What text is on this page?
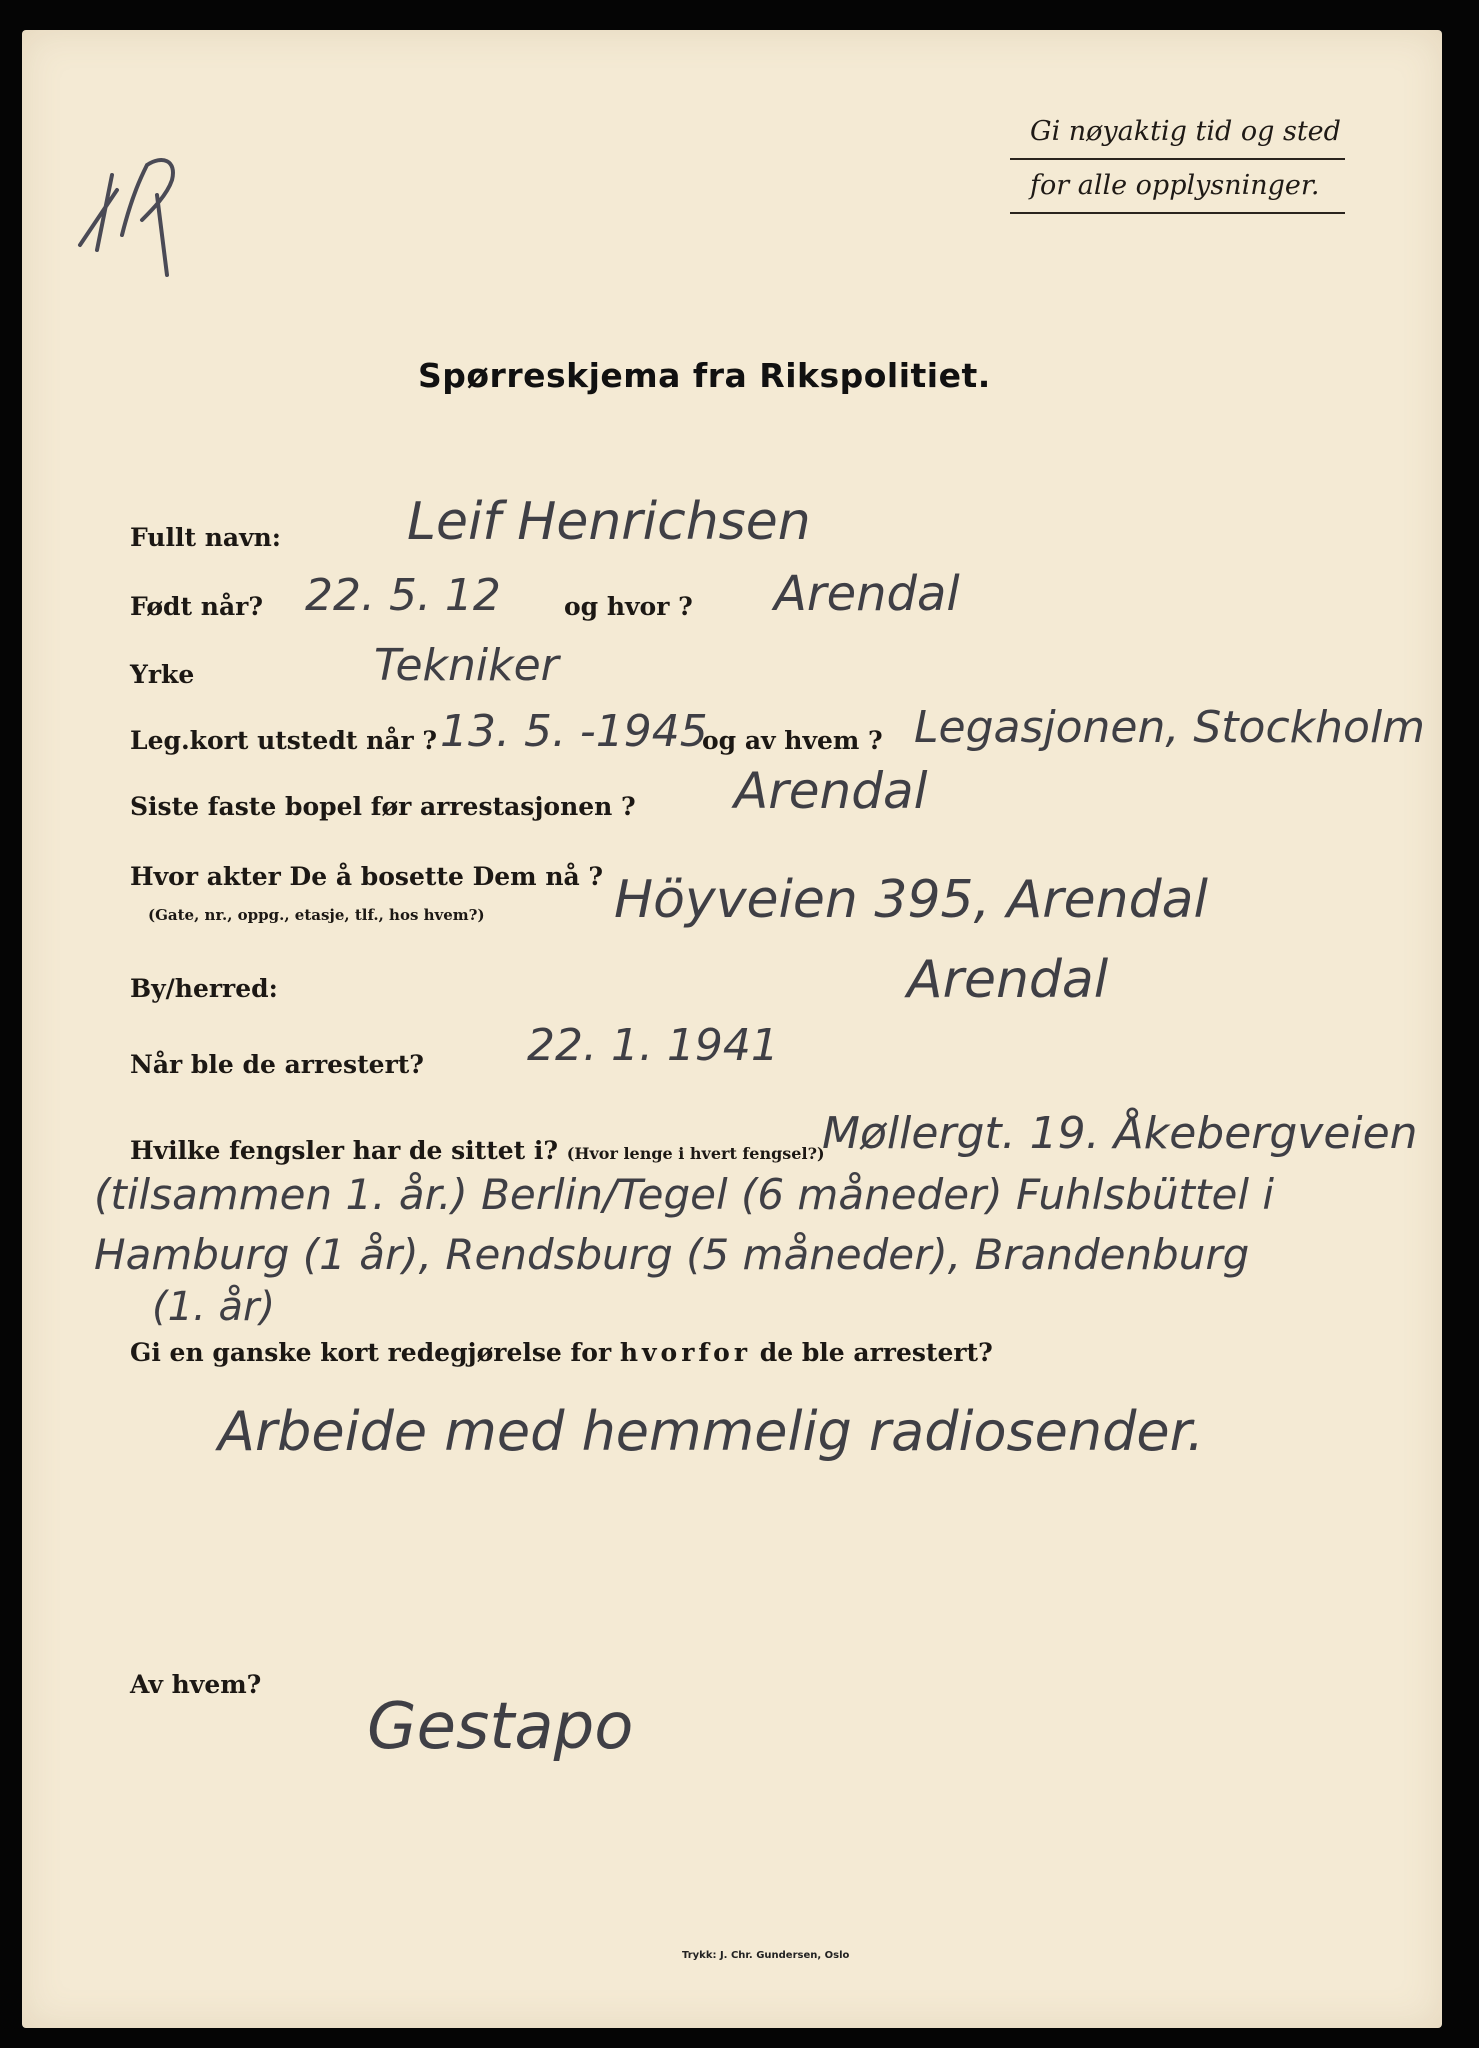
Gi nøyaktig tid og sted
for alle opplysninger.
Spørreskjema fra Rikspolitiet.
Fullt navn: Leif Henrichsen
Født når? 22. 5. 12	og hvor ? Arendal
Yrke	Tekniker
Leg.kort utstedt når ? 13. 5. -1945
og av hvem ? Legasjonen, Stockholm
Siste faste bopel før arrestasjonen ? Arendal
Hvor akter De å bosette Dem nå ?
(Gate, nr., oppg., etasje, tlf., hos hvem?) Höyveien 395, Arendal
By/herred:	Arendal
Når ble de arrestert? 22. 1. 1941
Hvilke fengsler har de sittet i? (Hvor lenge i hvert fengsel?)
Møllergt. 19. Åkebergveien
(tilsammen 1. år.) Berlin/Tegel (6 måneder) Fuhlsbüttel i
Hamburg (1 år), Rendsburg (5 måneder), Brandenburg
(1. år)
Gi en ganske kort redegjørelse for hvorfor de ble arrestert?
Arbeide med hemmelig radiosender.
Av hvem?
Gestapo
Trykk: J. Chr. Gundersen, Oslo
